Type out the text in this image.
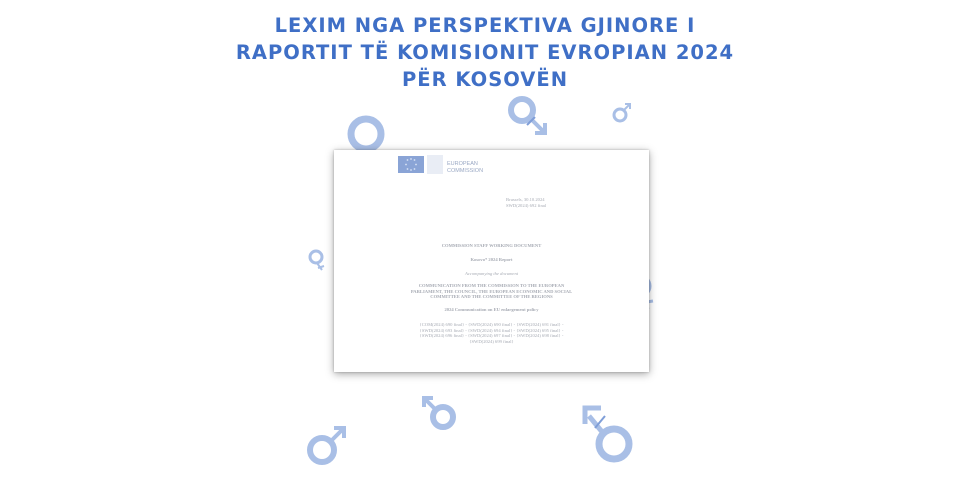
LEXIM NGA PERSPEKTIVA GJINORE I
RAPORTIT TË KOMISIONIT EVROPIAN 2024
PËR KOSOVËN
EUROPEAN
COMMISSION
Brussels, 30.10.2024
SWD(2024) 692 final
COMMISSION STAFF WORKING DOCUMENT
Kosovo* 2024 Report
Accompanying the document
COMMUNICATION FROM THE COMMISSION TO THE EUROPEAN
PARLIAMENT, THE COUNCIL, THE EUROPEAN ECONOMIC AND SOCIAL
COMMITTEE AND THE COMMITTEE OF THE REGIONS
2024 Communication on EU enlargement policy
{COM(2024) 690 final} - {SWD(2024) 690 final} - {SWD(2024) 691 final} -
{SWD(2024) 693 final} - {SWD(2024) 694 final} - {SWD(2024) 695 final} -
{SWD(2024) 696 final} - {SWD(2024) 697 final} - {SWD(2024) 698 final} -
{SWD(2024) 699 final}
